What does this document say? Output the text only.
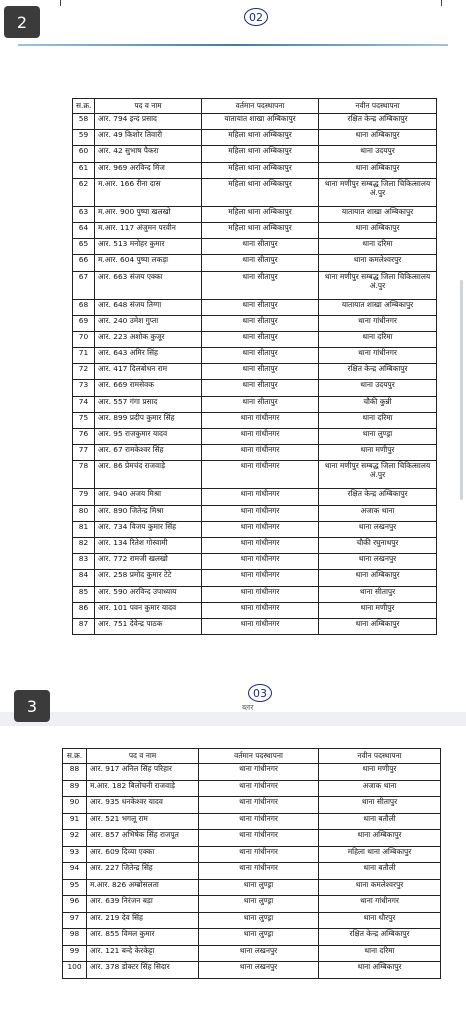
2	02
स.क्र.	पद व नाम	वर्तमान पदस्थापना	नवीन पदस्थापना
58	आर. 794 इन्द प्रसाद	यातायात शाखा अम्बिकापुर	रक्षित केन्द्र अम्बिकापुर
59	आर. 49 किशोर तिवारी	महिला थाना अम्बिकापुर	थाना अम्बिकापुर
60	आर. 42 सुभाष पैकरा	महिला थाना अम्बिकापुर	थाना उदयपुर
61	आर. 969 अरविन्द मिंज	महिला थाना अम्बिकापुर	थाना अम्बिकापुर
62	म.आर. 166 रीना दास	महिला थाना अम्बिकापुर	थाना मणीपुर सम्बद्ध जिला चिकित्सालय अं.पुर
63	म.आर. 900 पुष्पा खलखो	महिला थाना अम्बिकापुर	यातायात शाखा अम्बिकापुर
64	म.आर. 117 अंजुमन परवीन	महिला थाना अम्बिकापुर	थाना अम्बिकापुर
65	आर. 513 मनोहर कुमार	थाना सीतापुर	थाना दरिमा
66	म.आर. 604 पुष्पा लकड़ा	थाना सीतापुर	थाना कमलेश्वरपुर
67	आर. 663 संजय एक्का	थाना सीतापुर	थाना मणीपुर सम्बद्ध जिला चिकित्सालय अं.पुर
68	आर. 648 संजय तिग्गा	थाना सीतापुर	यातायात शाखा अम्बिकापुर
69	आर. 240 उमेश गुप्ता	थाना सीतापुर	थाना गांधीनगर
70	आर. 223 अशोक कुजूर	थाना सीतापुर	थाना दरिमा
71	आर. 643 अमिर सिंह	थाना सीतापुर	थाना गांधीनगर
72	आर. 417 दिलबोधन राम	थाना सीतापुर	रक्षित केन्द्र अम्बिकापुर
73	आर. 669 रामसेवक	थाना सीतापुर	थाना उदयपुर
74	आर. 557 गंगा प्रसाद	थाना सीतापुर	चौकी कुन्नी
75	आर. 899 प्रदीप कुमार सिंह	थाना गांधीनगर	थाना दरिमा
76	आर. 95 राजकुमार यादव	थाना गांधीनगर	थाना लुण्ड्रा
77	आर. 67 रामकेश्वर सिंह	थाना गांधीनगर	थाना मणीपुर
78	आर. 86 प्रेमचंद राजवाड़े	थाना गांधीनगर	थाना मणीपुर सम्बद्ध जिला चिकित्सालय अं.पुर
79	आर. 940 अजय मिश्रा	थाना गांधीनगर	रक्षित केन्द्र अम्बिकापुर
80	आर. 890 जितेन्द्र मिश्रा	थाना गांधीनगर	अजाक थाना
81	आर. 734 विजय कुमार सिंह	थाना गांधीनगर	थाना लखनपुर
82	आर. 134 रितेश गोस्वामी	थाना गांधीनगर	चौकी रघुनाथपुर
83	आर. 772 रामजी खलखो	थाना गांधीनगर	थाना लखनपुर
84	आर. 258 प्रमोद कुमार टेटे	थाना गांधीनगर	थाना अम्बिकापुर
85	आर. 590 अरविन्द उपाध्याय	थाना गांधीनगर	थाना सीतापुर
86	आर. 101 पवन कुमार यादव	थाना गांधीनगर	थाना मणीपुर
87	आर. 751 देवेन्द्र पाठक	थाना गांधीनगर	थाना अम्बिकापुर
03
ब्लर
3
स.क्र.	पद व नाम	वर्तमान पदस्थापना	नवीन पदस्थापना
88	आर. 917 अनिल सिंह परिहार	थाना गांधीनगर	थाना मणीपुर
89	म.आर. 182 बिलोचनी राजवाड़े	थाना गांधीनगर	अजाक थाना
90	आर. 935 धनकेश्वर यादव	थाना गांधीनगर	थाना सीतापुर
91	आर. 521 भगलू राम	थाना गांधीनगर	थाना बतौली
92	आर. 857 अभिषेक सिंह राजपूत	थाना गांधीनगर	थाना अम्बिकापुर
93	आर. 609 दिव्या एक्का	थाना गांधीनगर	महिला थाना अम्बिकापुर
94	आर. 227 जितेन्द्र सिंह	थाना गांधीनगर	थाना बतौली
95	म.आर. 826 अम्ब्रोसलता	थाना लुण्ड्रा	थाना कमलेश्वरपुर
96	आर. 639 निरंजन बड़ा	थाना लुण्ड्रा	थाना गांधीनगर
97	आर. 219 देव सिंह	थाना लुण्ड्रा	थाना धौरपुर
98	आर. 855 विमल कुमार	थाना लुण्ड्रा	रक्षित केन्द्र अम्बिकापुर
99	आर. 121 बन्दे केरकेट्टा	थाना लखनपुर	थाना दरिमा
100	आर. 378 डोक्टर सिंह सिदार	थाना लखनपुर	थाना अम्बिकापुर
